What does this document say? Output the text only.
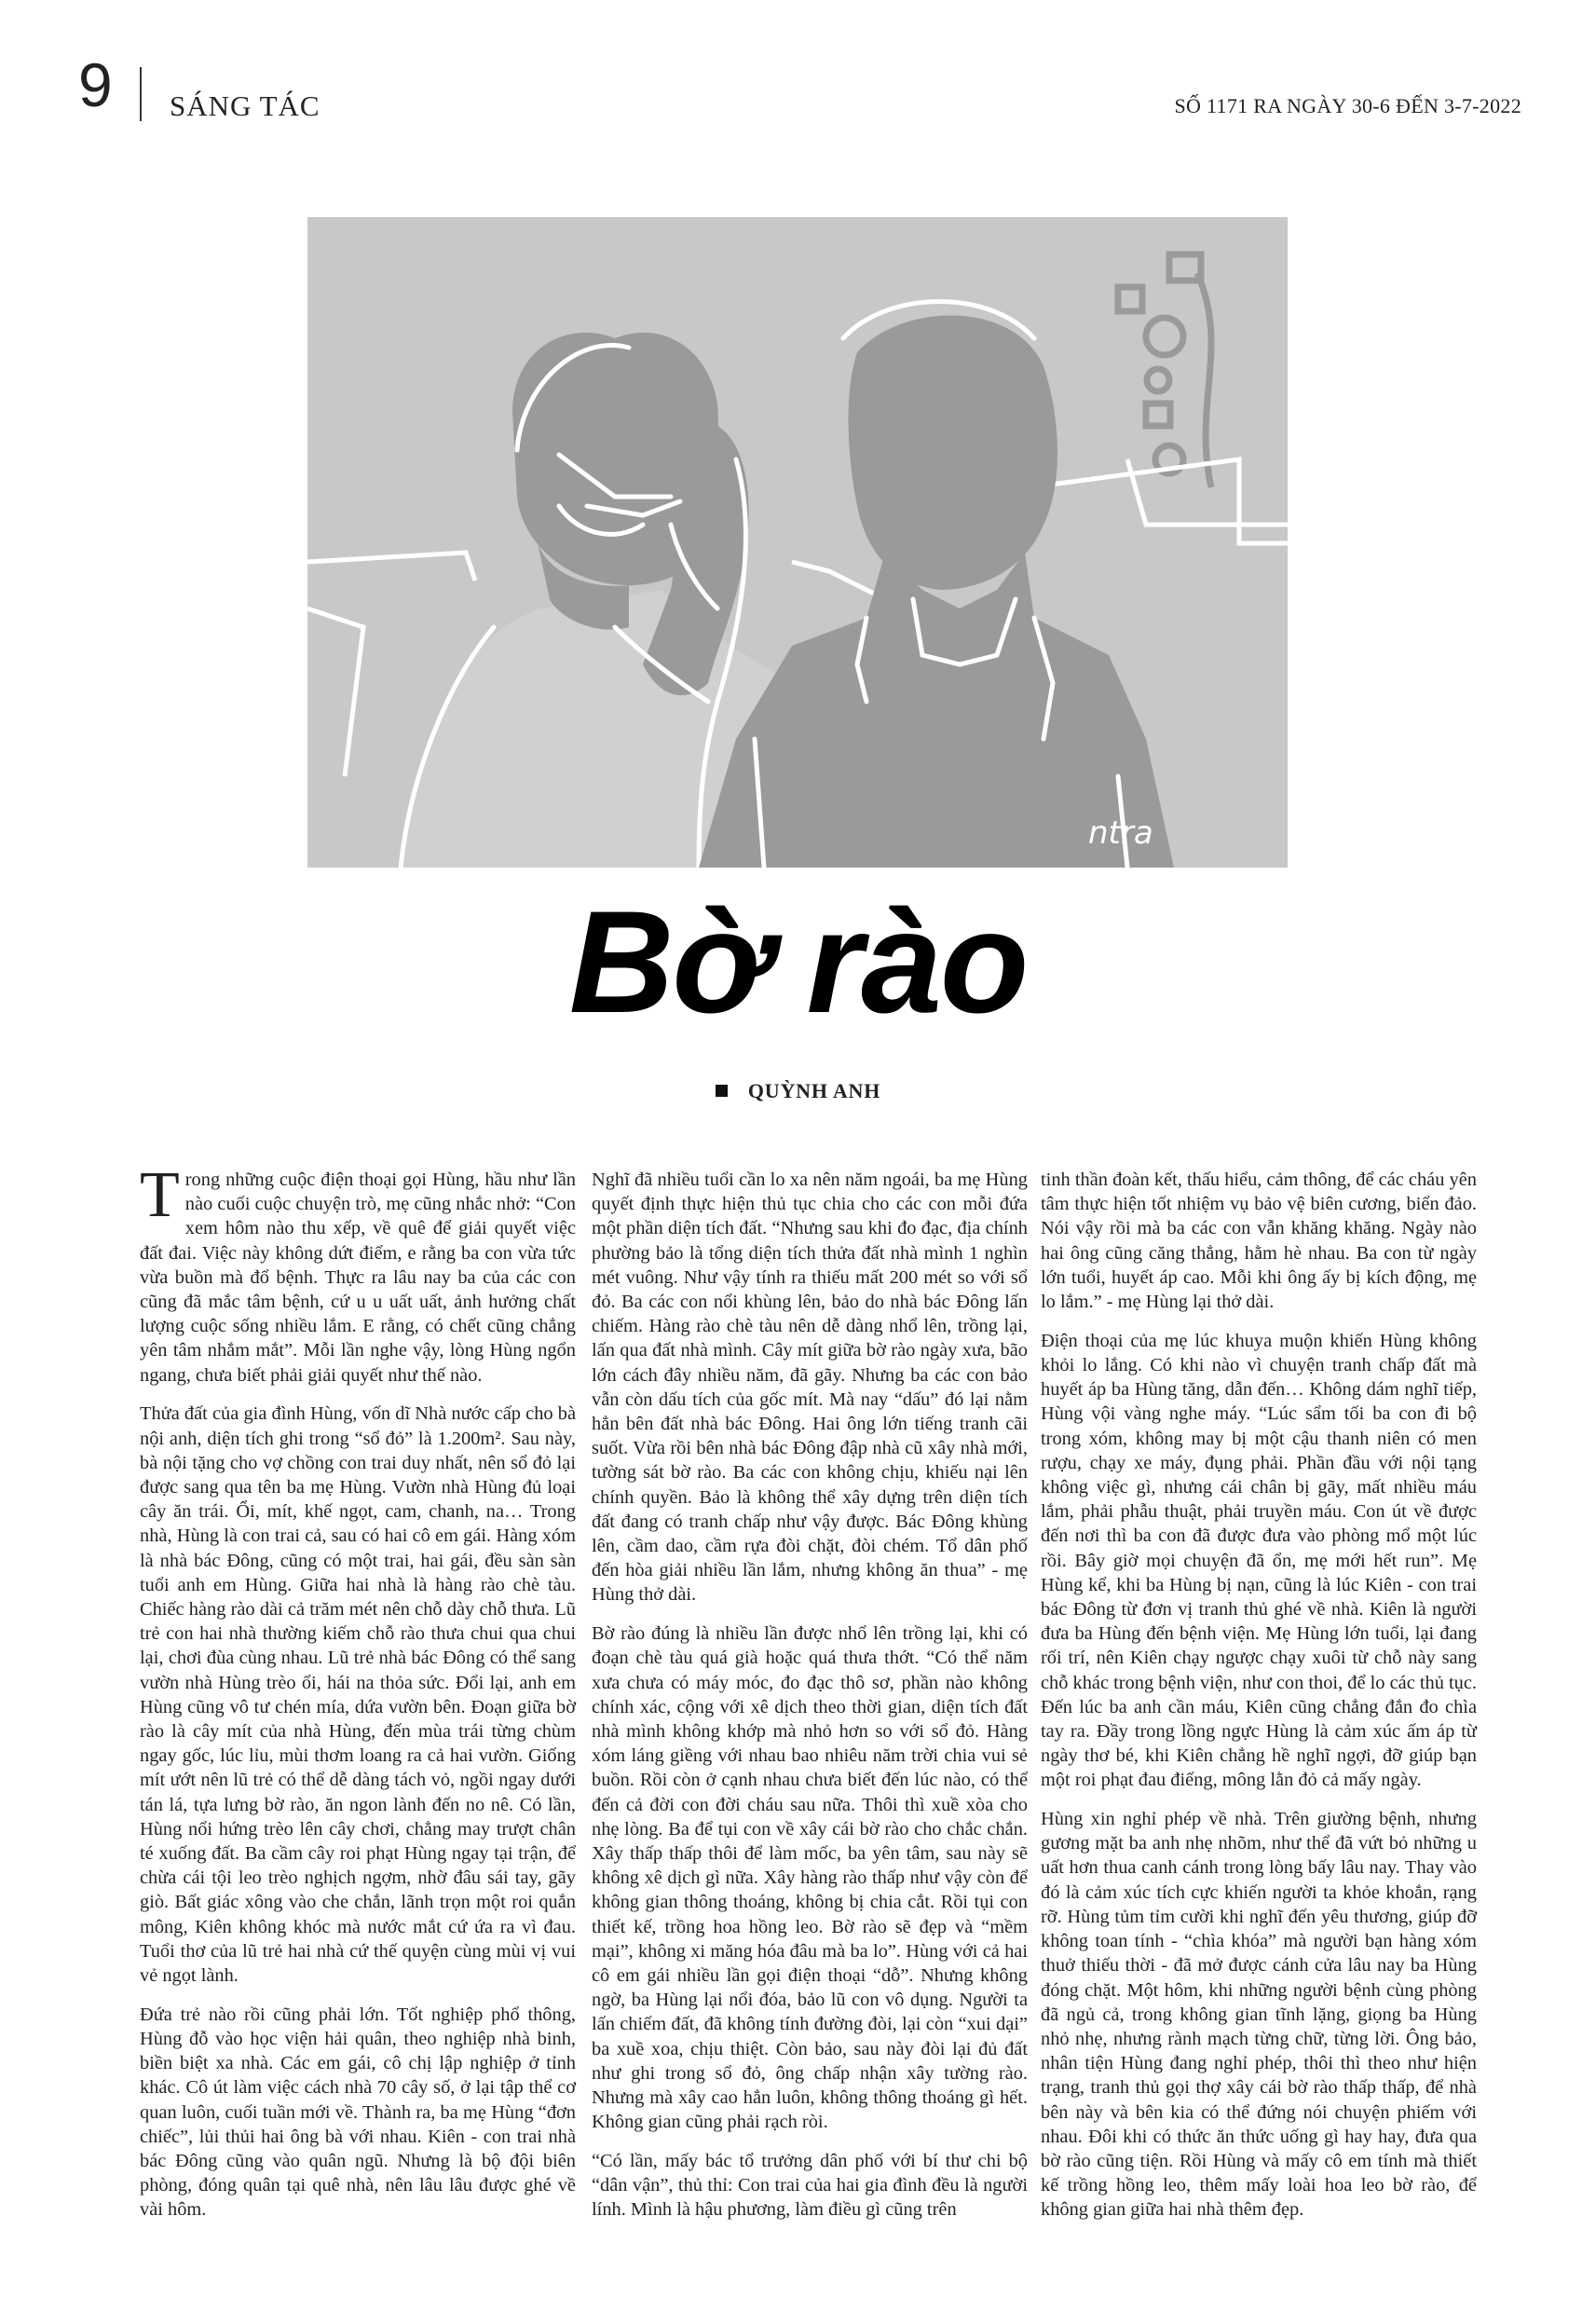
9 SÁNG TÁC	SỐ 1171 RA NGÀY 30-6 ĐẾN 3-7-2022
ntra
Bờ rào
QUỲNH ANH

Trong những cuộc điện thoại gọi Hùng, hầu như lần nào cuối cuộc chuyện trò, mẹ cũng nhắc nhở: “Con xem hôm nào thu xếp, về quê để giải quyết việc đất đai. Việc này không dứt điểm, e rằng ba con vừa tức vừa buồn mà đổ bệnh. Thực ra lâu nay ba của các con cũng đã mắc tâm bệnh, cứ u u uất uất, ảnh hưởng chất lượng cuộc sống nhiều lắm. E rằng, có chết cũng chẳng yên tâm nhắm mắt”. Mỗi lần nghe vậy, lòng Hùng ngổn ngang, chưa biết phải giải quyết như thế nào.

Thửa đất của gia đình Hùng, vốn dĩ Nhà nước cấp cho bà nội anh, diện tích ghi trong “sổ đỏ” là 1.200m². Sau này, bà nội tặng cho vợ chồng con trai duy nhất, nên sổ đỏ lại được sang qua tên ba mẹ Hùng. Vườn nhà Hùng đủ loại cây ăn trái. Ổi, mít, khế ngọt, cam, chanh, na… Trong nhà, Hùng là con trai cả, sau có hai cô em gái. Hàng xóm là nhà bác Đông, cũng có một trai, hai gái, đều sàn sàn tuổi anh em Hùng. Giữa hai nhà là hàng rào chè tàu. Chiếc hàng rào dài cả trăm mét nên chỗ dày chỗ thưa. Lũ trẻ con hai nhà thường kiếm chỗ rào thưa chui qua chui lại, chơi đùa cùng nhau. Lũ trẻ nhà bác Đông có thể sang vườn nhà Hùng trèo ổi, hái na thỏa sức. Đổi lại, anh em Hùng cũng vô tư chén mía, dứa vườn bên. Đoạn giữa bờ rào là cây mít của nhà Hùng, đến mùa trái từng chùm ngay gốc, lúc lỉu, mùi thơm loang ra cả hai vườn. Giống mít ướt nên lũ trẻ có thể dễ dàng tách vỏ, ngồi ngay dưới tán lá, tựa lưng bờ rào, ăn ngon lành đến no nê. Có lần, Hùng nổi hứng trèo lên cây chơi, chẳng may trượt chân té xuống đất. Ba cầm cây roi phạt Hùng ngay tại trận, để chừa cái tội leo trèo nghịch ngợm, nhờ đâu sái tay, gãy giò. Bất giác xông vào che chắn, lãnh trọn một roi quắn mông, Kiên không khóc mà nước mắt cứ ứa ra vì đau. Tuổi thơ của lũ trẻ hai nhà cứ thế quyện cùng mùi vị vui vẻ ngọt lành.

Đứa trẻ nào rồi cũng phải lớn. Tốt nghiệp phổ thông, Hùng đỗ vào học viện hải quân, theo nghiệp nhà binh, biền biệt xa nhà. Các em gái, cô chị lập nghiệp ở tỉnh khác. Cô út làm việc cách nhà 70 cây số, ở lại tập thể cơ quan luôn, cuối tuần mới về. Thành ra, ba mẹ Hùng “đơn chiếc”, lủi thủi hai ông bà với nhau. Kiên - con trai nhà bác Đông cũng vào quân ngũ. Nhưng là bộ đội biên phòng, đóng quân tại quê nhà, nên lâu lâu được ghé về vài hôm.

Nghĩ đã nhiều tuổi cần lo xa nên năm ngoái, ba mẹ Hùng quyết định thực hiện thủ tục chia cho các con mỗi đứa một phần diện tích đất. “Nhưng sau khi đo đạc, địa chính phường bảo là tổng diện tích thửa đất nhà mình 1 nghìn mét vuông. Như vậy tính ra thiếu mất 200 mét so với sổ đỏ. Ba các con nổi khùng lên, bảo do nhà bác Đông lấn chiếm. Hàng rào chè tàu nên dễ dàng nhổ lên, trồng lại, lấn qua đất nhà mình. Cây mít giữa bờ rào ngày xưa, bão lớn cách đây nhiều năm, đã gãy. Nhưng ba các con bảo vẫn còn dấu tích của gốc mít. Mà nay “dấu” đó lại nằm hẳn bên đất nhà bác Đông. Hai ông lớn tiếng tranh cãi suốt. Vừa rồi bên nhà bác Đông đập nhà cũ xây nhà mới, tường sát bờ rào. Ba các con không chịu, khiếu nại lên chính quyền. Bảo là không thể xây dựng trên diện tích đất đang có tranh chấp như vậy được. Bác Đông khùng lên, cầm dao, cầm rựa đòi chặt, đòi chém. Tổ dân phố đến hòa giải nhiều lần lắm, nhưng không ăn thua” - mẹ Hùng thở dài.

Bờ rào đúng là nhiều lần được nhổ lên trồng lại, khi có đoạn chè tàu quá già hoặc quá thưa thớt. “Có thể năm xưa chưa có máy móc, đo đạc thô sơ, phần nào không chính xác, cộng với xê dịch theo thời gian, diện tích đất nhà mình không khớp mà nhỏ hơn so với sổ đỏ. Hàng xóm láng giềng với nhau bao nhiêu năm trời chia vui sẻ buồn. Rồi còn ở cạnh nhau chưa biết đến lúc nào, có thể đến cả đời con đời cháu sau nữa. Thôi thì xuề xòa cho nhẹ lòng. Ba để tụi con về xây cái bờ rào cho chắc chắn. Xây thấp thấp thôi để làm mốc, ba yên tâm, sau này sẽ không xê dịch gì nữa. Xây hàng rào thấp như vậy còn để không gian thông thoáng, không bị chia cắt. Rồi tụi con thiết kế, trồng hoa hồng leo. Bờ rào sẽ đẹp và “mềm mại”, không xi măng hóa đâu mà ba lo”. Hùng với cả hai cô em gái nhiều lần gọi điện thoại “dỗ”. Nhưng không ngờ, ba Hùng lại nổi đóa, bảo lũ con vô dụng. Người ta lấn chiếm đất, đã không tính đường đòi, lại còn “xui dại” ba xuề xoa, chịu thiệt. Còn bảo, sau này đòi lại đủ đất như ghi trong sổ đỏ, ông chấp nhận xây tường rào. Nhưng mà xây cao hẳn luôn, không thông thoáng gì hết. Không gian cũng phải rạch ròi.

“Có lần, mấy bác tổ trưởng dân phố với bí thư chi bộ “dân vận”, thủ thỉ: Con trai của hai gia đình đều là người lính. Mình là hậu phương, làm điều gì cũng trên

tinh thần đoàn kết, thấu hiểu, cảm thông, để các cháu yên tâm thực hiện tốt nhiệm vụ bảo vệ biên cương, biển đảo. Nói vậy rồi mà ba các con vẫn khăng khăng. Ngày nào hai ông cũng căng thẳng, hằm hè nhau. Ba con từ ngày lớn tuổi, huyết áp cao. Mỗi khi ông ấy bị kích động, mẹ lo lắm.” - mẹ Hùng lại thở dài.

Điện thoại của mẹ lúc khuya muộn khiến Hùng không khỏi lo lắng. Có khi nào vì chuyện tranh chấp đất mà huyết áp ba Hùng tăng, dẫn đến… Không dám nghĩ tiếp, Hùng vội vàng nghe máy. “Lúc sẩm tối ba con đi bộ trong xóm, không may bị một cậu thanh niên có men rượu, chạy xe máy, đụng phải. Phần đầu với nội tạng không việc gì, nhưng cái chân bị gãy, mất nhiều máu lắm, phải phẫu thuật, phải truyền máu. Con út về được đến nơi thì ba con đã được đưa vào phòng mổ một lúc rồi. Bây giờ mọi chuyện đã ổn, mẹ mới hết run”. Mẹ Hùng kể, khi ba Hùng bị nạn, cũng là lúc Kiên - con trai bác Đông từ đơn vị tranh thủ ghé về nhà. Kiên là người đưa ba Hùng đến bệnh viện. Mẹ Hùng lớn tuổi, lại đang rối trí, nên Kiên chạy ngược chạy xuôi từ chỗ này sang chỗ khác trong bệnh viện, như con thoi, để lo các thủ tục. Đến lúc ba anh cần máu, Kiên cũng chẳng đắn đo chìa tay ra. Đầy trong lồng ngực Hùng là cảm xúc ấm áp từ ngày thơ bé, khi Kiên chẳng hề nghĩ ngợi, đỡ giúp bạn một roi phạt đau điếng, mông lằn đỏ cả mấy ngày.

Hùng xin nghỉ phép về nhà. Trên giường bệnh, nhưng gương mặt ba anh nhẹ nhõm, như thể đã vứt bỏ những u uất hơn thua canh cánh trong lòng bấy lâu nay. Thay vào đó là cảm xúc tích cực khiến người ta khỏe khoắn, rạng rỡ. Hùng tủm tỉm cười khi nghĩ đến yêu thương, giúp đỡ không toan tính - “chìa khóa” mà người bạn hàng xóm thuở thiếu thời - đã mở được cánh cửa lâu nay ba Hùng đóng chặt. Một hôm, khi những người bệnh cùng phòng đã ngủ cả, trong không gian tĩnh lặng, giọng ba Hùng nhỏ nhẹ, nhưng rành mạch từng chữ, từng lời. Ông bảo, nhân tiện Hùng đang nghỉ phép, thôi thì theo như hiện trạng, tranh thủ gọi thợ xây cái bờ rào thấp thấp, để nhà bên này và bên kia có thể đứng nói chuyện phiếm với nhau. Đôi khi có thức ăn thức uống gì hay hay, đưa qua bờ rào cũng tiện. Rồi Hùng và mấy cô em tính mà thiết kế trồng hồng leo, thêm mấy loài hoa leo bờ rào, để không gian giữa hai nhà thêm đẹp.
